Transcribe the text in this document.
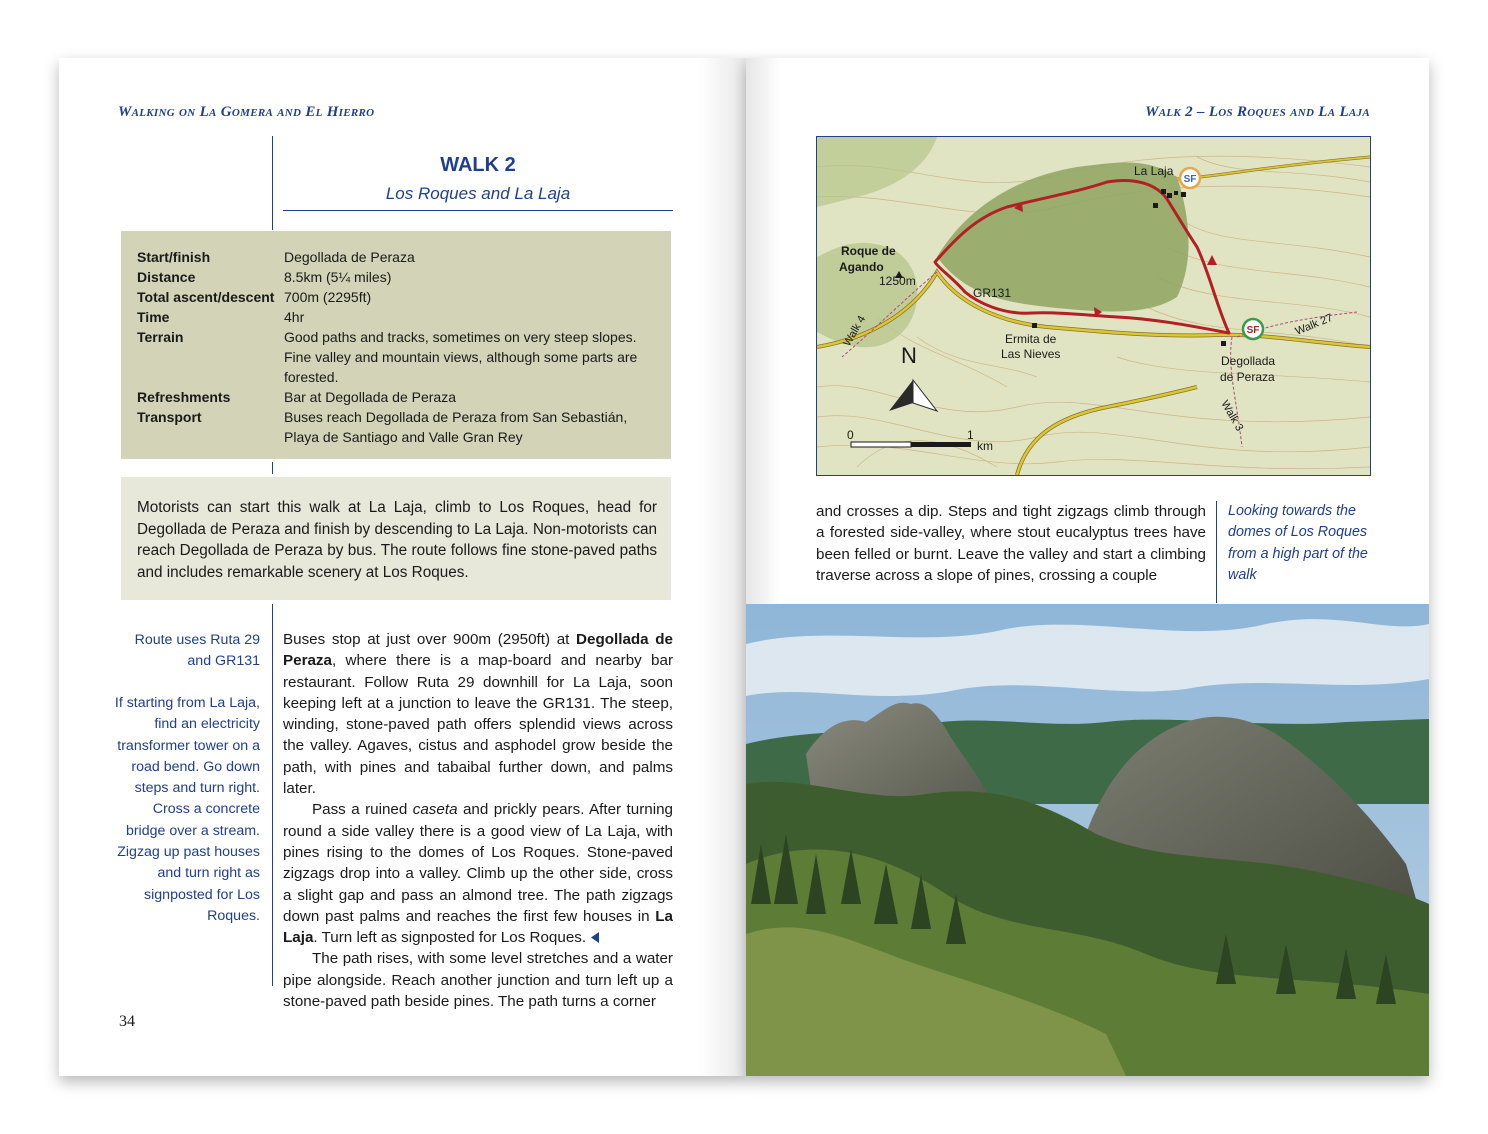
Walking on La Gomera and El Hierro
WALK 2
Los Roques and La Laja
Start/finish	Degollada de Peraza
Distance	8.5km (5¼ miles)
Total ascent/descent 700m (2295ft)
Time	4hr
Terrain	Good paths and tracks, sometimes on very steep slopes. Fine valley and mountain views, although some parts are forested.
Refreshments	Bar at Degollada de Peraza
Transport	Buses reach Degollada de Peraza from San Sebastián, Playa de Santiago and Valle Gran Rey

Motorists can start this walk at La Laja, climb to Los Roques, head for Degollada de Peraza and finish by descending to La Laja. Non-motorists can reach Degollada de Peraza by bus. The route follows fine stone-paved paths and includes remarkable scenery at Los Roques.

Route uses Ruta 29 and GR131
If starting from La Laja, find an electricity transformer tower on a road bend. Go down steps and turn right. Cross a concrete bridge over a stream. Zigzag up past houses and turn right as signposted for Los Roques.
Buses stop at just over 900m (2950ft) at Degollada de Peraza, where there is a map-board and nearby bar restaurant. Follow Ruta 29 downhill for La Laja, soon keeping left at a junction to leave the GR131. The steep, winding, stone-paved path offers splendid views across the valley. Agaves, cistus and asphodel grow beside the path, with pines and tabaibal further down, and palms later.
Pass a ruined caseta and prickly pears. After turning round a side valley there is a good view of La Laja, with pines rising to the domes of Los Roques. Stone-paved zigzags drop into a valley. Climb up the other side, cross a slight gap and pass an almond tree. The path zigzags down past palms and reaches the first few houses in La Laja. Turn left as signposted for Los Roques.
The path rises, with some level stretches and a water pipe alongside. Reach another junction and turn left up a stone-paved path beside pines. The path turns a corner
34
Walk 2 – Los Roques and La Laja
SF
SF
La Laja
Roque de
Agando
1250m
GR131
Ermita de
Las Nieves	Degollada
de Peraza
Walk 4	Walk 27
Walk 3
N
0	1
km
and crosses a dip. Steps and tight zigzags climb through a forested side-valley, where stout eucalyptus trees have been felled or burnt. Leave the valley and start a climbing traverse across a slope of pines, crossing a couple
Looking towards the domes of Los Roques from a high part of the walk
